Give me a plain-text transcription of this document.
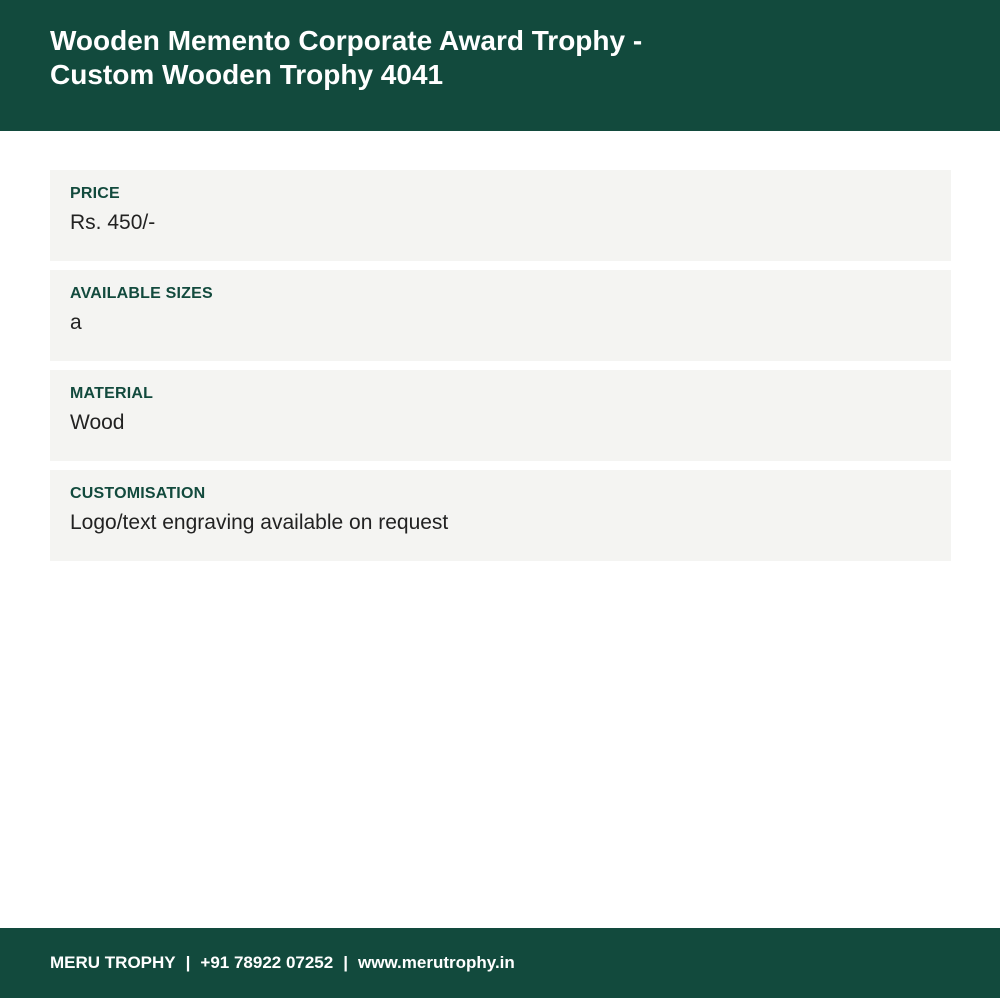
Wooden Memento Corporate Award Trophy -
Custom Wooden Trophy 4041
PRICE
Rs. 450/-
AVAILABLE SIZES
a
MATERIAL
Wood
CUSTOMISATION
Logo/text engraving available on request
MERU TROPHY | +91 78922 07252 | www.merutrophy.in
